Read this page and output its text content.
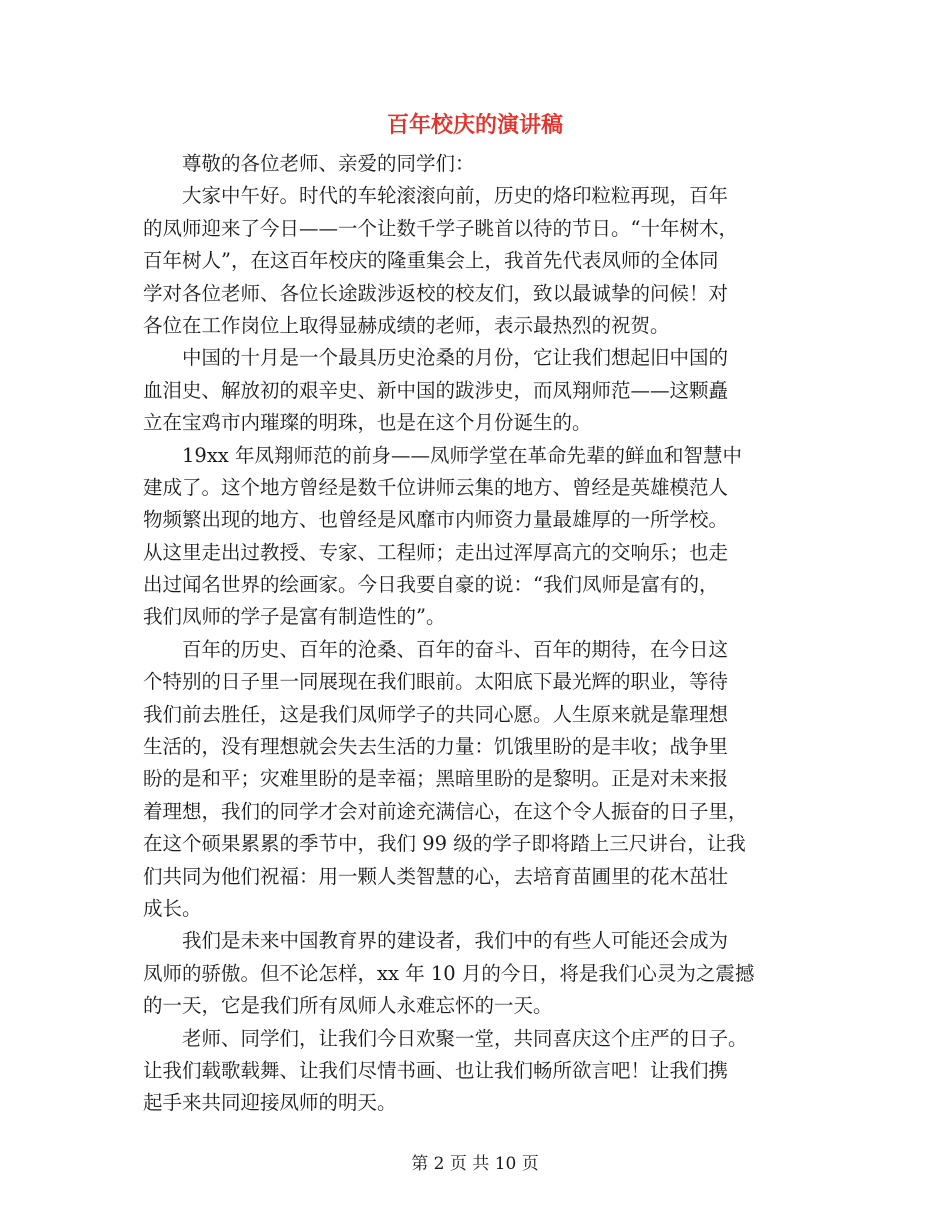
百年校庆的演讲稿
　　尊敬的各位老师、亲爱的同学们：
　　大家中午好。时代的车轮滚滚向前，历史的烙印粒粒再现，百年
的凤师迎来了今日——一个让数千学子眺首以待的节日。“十年树木，
百年树人”，在这百年校庆的隆重集会上，我首先代表凤师的全体同
学对各位老师、各位长途跋涉返校的校友们，致以最诚挚的问候！对
各位在工作岗位上取得显赫成绩的老师，表示最热烈的祝贺。
　　中国的十月是一个最具历史沧桑的月份，它让我们想起旧中国的
血泪史、解放初的艰辛史、新中国的跋涉史，而凤翔师范——这颗矗
立在宝鸡市内璀璨的明珠，也是在这个月份诞生的。
　　19xx 年凤翔师范的前身——凤师学堂在革命先辈的鲜血和智慧中
建成了。这个地方曾经是数千位讲师云集的地方、曾经是英雄模范人
物频繁出现的地方、也曾经是风靡市内师资力量最雄厚的一所学校。
从这里走出过教授、专家、工程师；走出过浑厚高亢的交响乐；也走
出过闻名世界的绘画家。今日我要自豪的说：“我们凤师是富有的，
我们凤师的学子是富有制造性的”。
　　百年的历史、百年的沧桑、百年的奋斗、百年的期待，在今日这
个特别的日子里一同展现在我们眼前。太阳底下最光辉的职业，等待
我们前去胜任，这是我们凤师学子的共同心愿。人生原来就是靠理想
生活的，没有理想就会失去生活的力量：饥饿里盼的是丰收；战争里
盼的是和平；灾难里盼的是幸福；黑暗里盼的是黎明。正是对未来报
着理想，我们的同学才会对前途充满信心，在这个令人振奋的日子里，
在这个硕果累累的季节中，我们 99 级的学子即将踏上三尺讲台，让我
们共同为他们祝福：用一颗人类智慧的心，去培育苗圃里的花木茁壮
成长。
　　我们是未来中国教育界的建设者，我们中的有些人可能还会成为
凤师的骄傲。但不论怎样，xx 年 10 月的今日，将是我们心灵为之震撼
的一天，它是我们所有凤师人永难忘怀的一天。
　　老师、同学们，让我们今日欢聚一堂，共同喜庆这个庄严的日子。
让我们载歌载舞、让我们尽情书画、也让我们畅所欲言吧！让我们携
起手来共同迎接凤师的明天。
第 2 页 共 10 页
